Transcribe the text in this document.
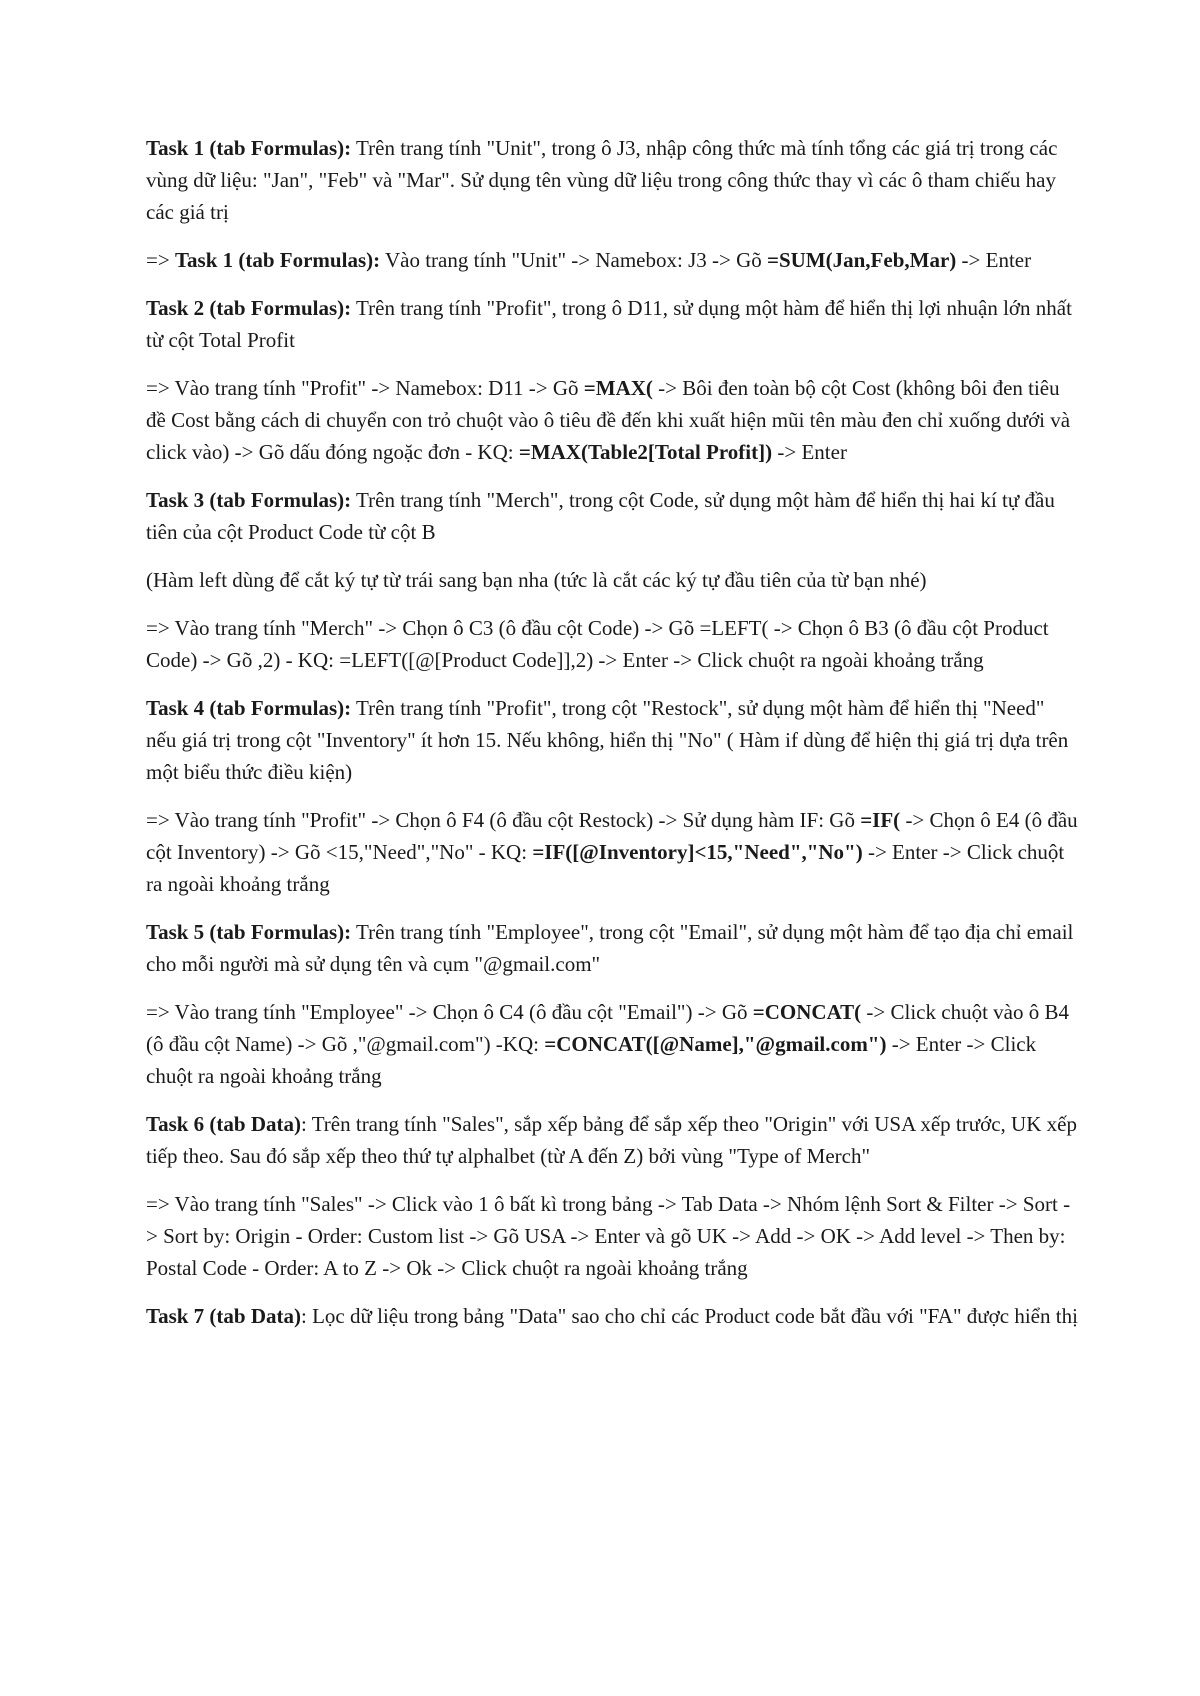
Task 1 (tab Formulas): Trên trang tính "Unit", trong ô J3, nhập công thức mà tính tổng các giá trị trong các vùng dữ liệu: "Jan", "Feb" và "Mar". Sử dụng tên vùng dữ liệu trong công thức thay vì các ô tham chiếu hay các giá trị

=> Task 1 (tab Formulas): Vào trang tính "Unit" -> Namebox: J3 -> Gõ =SUM(Jan,Feb,Mar) -> Enter

Task 2 (tab Formulas): Trên trang tính "Profit", trong ô D11, sử dụng một hàm để hiển thị lợi nhuận lớn nhất từ cột Total Profit

=> Vào trang tính "Profit" -> Namebox: D11 -> Gõ =MAX( -> Bôi đen toàn bộ cột Cost (không bôi đen tiêu đề Cost bằng cách di chuyển con trỏ chuột vào ô tiêu đề đến khi xuất hiện mũi tên màu đen chỉ xuống dưới và click vào) -> Gõ dấu đóng ngoặc đơn - KQ: =MAX(Table2[Total Profit]) -> Enter

Task 3 (tab Formulas): Trên trang tính "Merch", trong cột Code, sử dụng một hàm để hiển thị hai kí tự đầu tiên của cột Product Code từ cột B

(Hàm left dùng để cắt ký tự từ trái sang bạn nha (tức là cắt các ký tự đầu tiên của từ bạn nhé)

=> Vào trang tính "Merch" -> Chọn ô C3 (ô đầu cột Code) -> Gõ =LEFT( -> Chọn ô B3 (ô đầu cột Product Code) -> Gõ ,2) - KQ: =LEFT([@[Product Code]],2) -> Enter -> Click chuột ra ngoài khoảng trắng

Task 4 (tab Formulas): Trên trang tính "Profit", trong cột "Restock", sử dụng một hàm để hiển thị "Need" nếu giá trị trong cột "Inventory" ít hơn 15. Nếu không, hiển thị "No" ( Hàm if dùng để hiện thị giá trị dựa trên một biểu thức điều kiện)

=> Vào trang tính "Profit" -> Chọn ô F4 (ô đầu cột Restock) -> Sử dụng hàm IF: Gõ =IF( -> Chọn ô E4 (ô đầu cột Inventory) -> Gõ <15,"Need","No" - KQ: =IF([@Inventory]<15,"Need","No") -> Enter -> Click chuột ra ngoài khoảng trắng

Task 5 (tab Formulas): Trên trang tính "Employee", trong cột "Email", sử dụng một hàm để tạo địa chỉ email cho mỗi người mà sử dụng tên và cụm "@gmail.com"

=> Vào trang tính "Employee" -> Chọn ô C4 (ô đầu cột "Email") -> Gõ =CONCAT( -> Click chuột vào ô B4 (ô đầu cột Name) -> Gõ ,"@gmail.com") -KQ: =CONCAT([@Name],"@gmail.com") -> Enter -> Click chuột ra ngoài khoảng trắng

Task 6 (tab Data): Trên trang tính "Sales", sắp xếp bảng để sắp xếp theo "Origin" với USA xếp trước, UK xếp tiếp theo. Sau đó sắp xếp theo thứ tự alphalbet (từ A đến Z) bởi vùng "Type of Merch"

=> Vào trang tính "Sales" -> Click vào 1 ô bất kì trong bảng -> Tab Data -> Nhóm lệnh Sort & Filter -> Sort -> Sort by: Origin - Order: Custom list -> Gõ USA -> Enter và gõ UK -> Add -> OK -> Add level -> Then by: Postal Code - Order: A to Z -> Ok -> Click chuột ra ngoài khoảng trắng

Task 7 (tab Data): Lọc dữ liệu trong bảng "Data" sao cho chỉ các Product code bắt đầu với "FA" được hiển thị
